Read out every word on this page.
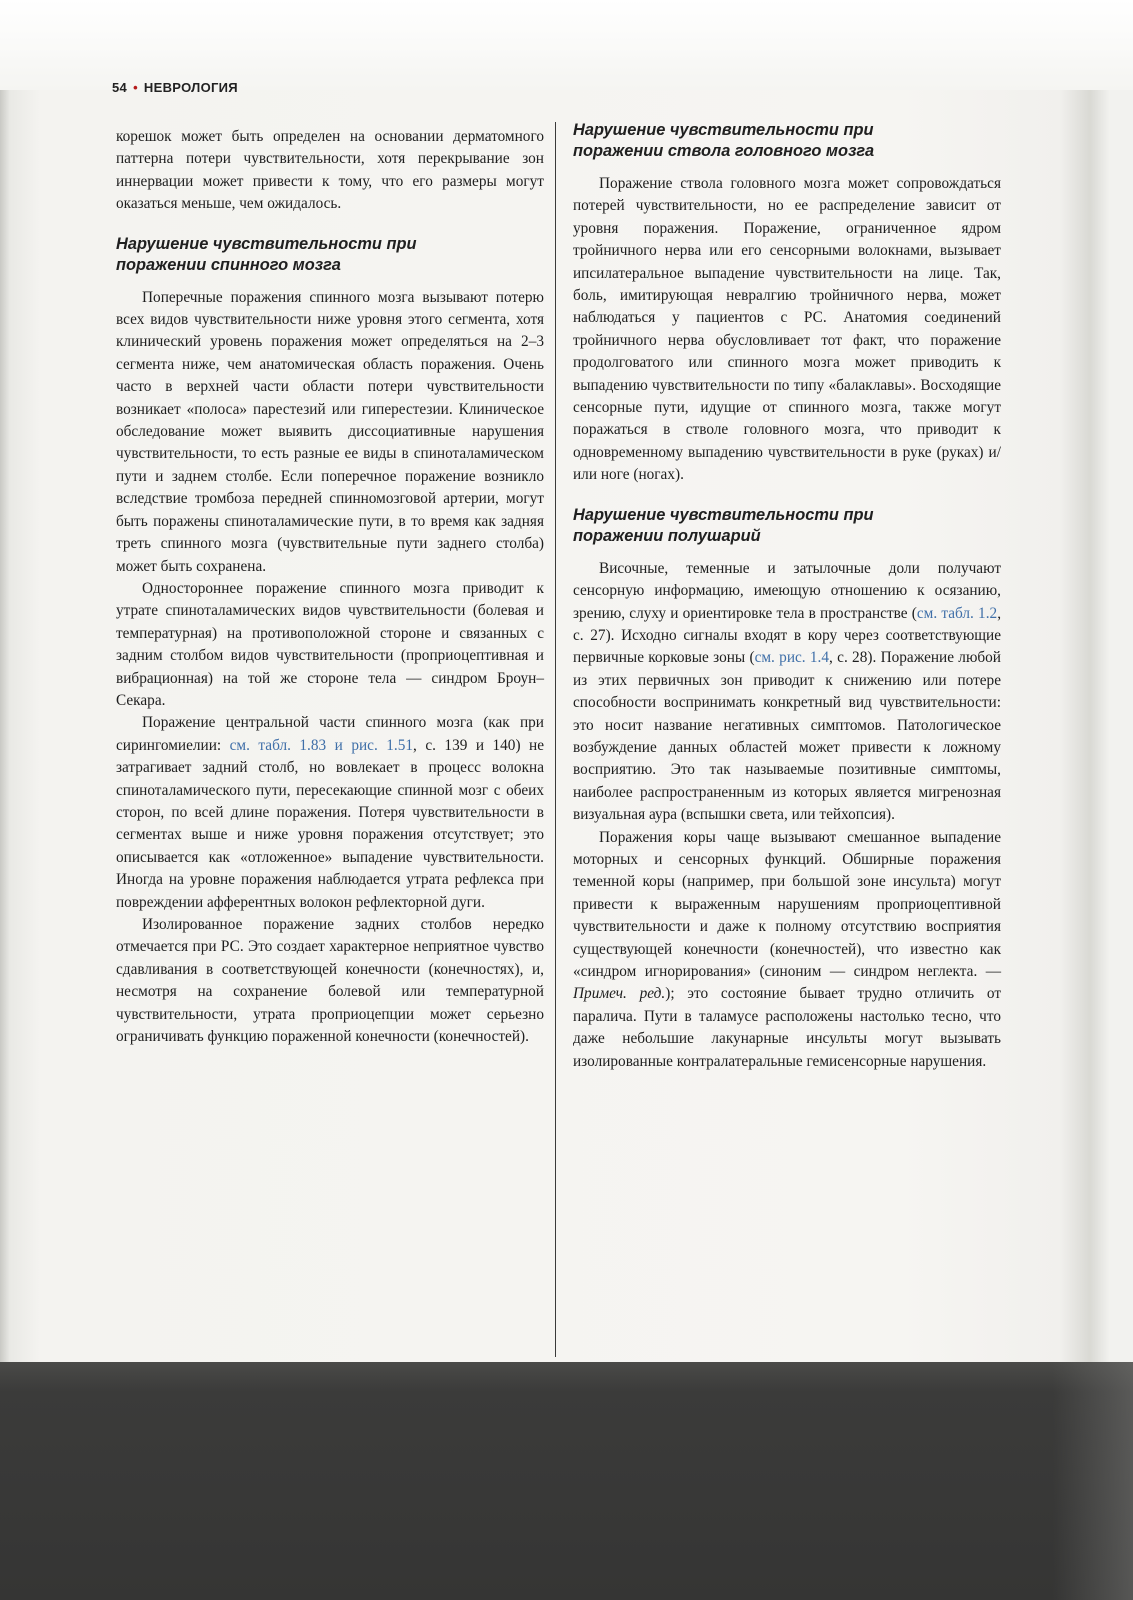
54 • НЕВРОЛОГИЯ

корешок может быть определен на основании дерматомного паттерна потери чувствительности, хотя перекрывание зон иннервации может привести к тому, что его размеры могут оказаться меньше, чем ожидалось.

Нарушение чувствительности при
поражении спинного мозга

Поперечные поражения спинного мозга вызывают потерю всех видов чувствительности ниже уровня этого сегмента, хотя клинический уровень поражения может определяться на 2–3 сегмента ниже, чем анатомическая область поражения. Очень часто в верхней части области потери чувствительности возникает «полоса» парестезий или гиперестезии. Клиническое обследование может выявить диссоциативные нарушения чувствительности, то есть разные ее виды в спиноталамическом пути и заднем столбе. Если поперечное поражение возникло вследствие тромбоза передней спинномозговой артерии, могут быть поражены спиноталамические пути, в то время как задняя треть спинного мозга (чувствительные пути заднего столба) может быть сохранена.

Одностороннее поражение спинного мозга приводит к утрате спиноталамических видов чувствительности (болевая и температурная) на противоположной стороне и связанных с задним столбом видов чувствительности (проприоцептивная и вибрационная) на той же стороне тела — синдром Броун–Секара.

Поражение центральной части спинного мозга (как при сирингомиелии: см. табл. 1.83 и рис. 1.51, с. 139 и 140) не затрагивает задний столб, но вовлекает в процесс волокна спиноталамического пути, пересекающие спинной мозг с обеих сторон, по всей длине поражения. Потеря чувствительности в сегментах выше и ниже уровня поражения отсутствует; это описывается как «отложенное» выпадение чувствительности. Иногда на уровне поражения наблюдается утрата рефлекса при повреждении афферентных волокон рефлекторной дуги.

Изолированное поражение задних столбов нередко отмечается при РС. Это создает характерное неприятное чувство сдавливания в соответствующей конечности (конечностях), и, несмотря на сохранение болевой или температурной чувствительности, утрата проприоцепции может серьезно ограничивать функцию пораженной конечности (конечностей).

Нарушение чувствительности при
поражении ствола головного мозга

Поражение ствола головного мозга может сопровождаться потерей чувствительности, но ее распределение зависит от уровня поражения. Поражение, ограниченное ядром тройничного нерва или его сенсорными волокнами, вызывает ипсилатеральное выпадение чувствительности на лице. Так, боль, имитирующая невралгию тройничного нерва, может наблюдаться у пациентов с РС. Анатомия соединений тройничного нерва обусловливает тот факт, что поражение продолговатого или спинного мозга может приводить к выпадению чувствительности по типу «балаклавы». Восходящие сенсорные пути, идущие от спинного мозга, также могут поражаться в стволе головного мозга, что приводит к одновременному выпадению чувствительности в руке (руках) и/или ноге (ногах).

Нарушение чувствительности при
поражении полушарий

Височные, теменные и затылочные доли получают сенсорную информацию, имеющую отношению к осязанию, зрению, слуху и ориентировке тела в пространстве (см. табл. 1.2, с. 27). Исходно сигналы входят в кору через соответствующие первичные корковые зоны (см. рис. 1.4, с. 28). Поражение любой из этих первичных зон приводит к снижению или потере способности воспринимать конкретный вид чувствительности: это носит название негативных симптомов. Патологическое возбуждение данных областей может привести к ложному восприятию. Это так называемые позитивные симптомы, наиболее распространенным из которых является мигренозная визуальная аура (вспышки света, или тейхопсия).

Поражения коры чаще вызывают смешанное выпадение моторных и сенсорных функций. Обширные поражения теменной коры (например, при большой зоне инсульта) могут привести к выраженным нарушениям проприоцептивной чувствительности и даже к полному отсутствию восприятия существующей конечности (конечностей), что известно как «синдром игнорирования» (синоним — синдром неглекта. — Примеч. ред.); это состояние бывает трудно отличить от паралича. Пути в таламусе расположены настолько тесно, что даже небольшие лакунарные инсульты могут вызывать изолированные контралатеральные гемисенсорные нарушения.
